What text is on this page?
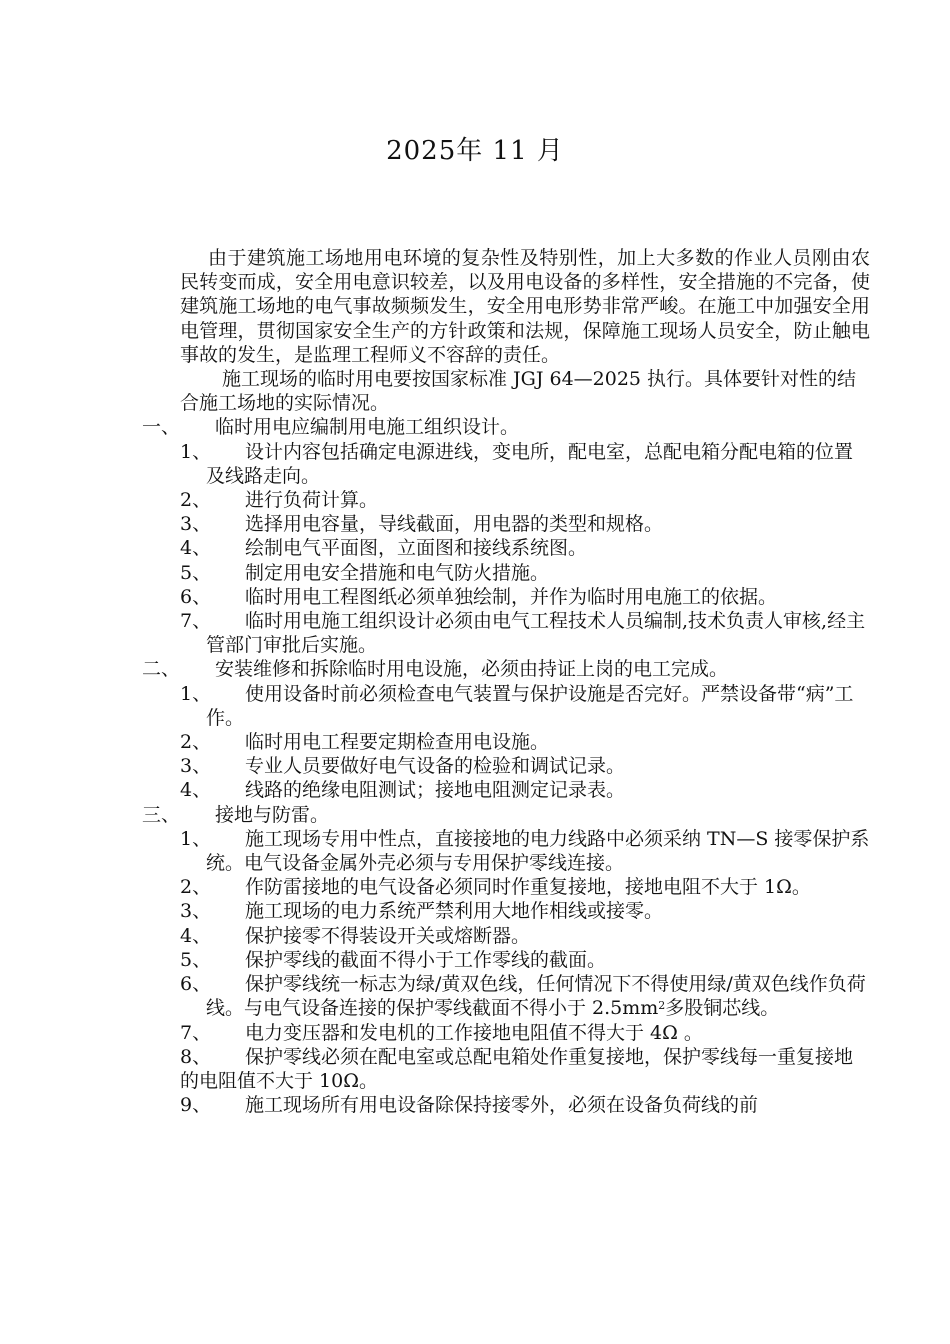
2025年 11 月

由于建筑施工场地用电环境的复杂性及特别性，加上大多数的作业人员刚由农民转变而成，安全用电意识较差，以及用电设备的多样性，安全措施的不完备，使建筑施工场地的电气事故频频发生，安全用电形势非常严峻。在施工中加强安全用电管理，贯彻国家安全生产的方针政策和法规，保障施工现场人员安全，防止触电事故的发生，是监理工程师义不容辞的责任。

施工现场的临时用电要按国家标准 JGJ 64—2025 执行。具体要针对性的结合施工场地的实际情况。

一、	临时用电应编制用电施工组织设计。

1、	设计内容包括确定电源进线，变电所，配电室，总配电箱分配电箱的位置及线路走向。
2、	进行负荷计算。
3、	选择用电容量，导线截面，用电器的类型和规格。
4、	绘制电气平面图，立面图和接线系统图。
5、	制定用电安全措施和电气防火措施。
6、	临时用电工程图纸必须单独绘制，并作为临时用电施工的依据。
7、	临时用电施工组织设计必须由电气工程技术人员编制,技术负责人审核,经主管部门审批后实施。

二、	安装维修和拆除临时用电设施，必须由持证上岗的电工完成。

1、	使用设备时前必须检查电气装置与保护设施是否完好。严禁设备带“病”工作。
2、	临时用电工程要定期检查用电设施。
3、	专业人员要做好电气设备的检验和调试记录。
4、	线路的绝缘电阻测试；接地电阻测定记录表。

三、	接地与防雷。

1、	施工现场专用中性点，直接接地的电力线路中必须采纳 TN—S 接零保护系统。电气设备金属外壳必须与专用保护零线连接。
2、	作防雷接地的电气设备必须同时作重复接地，接地电阻不大于 1Ω。
3、	施工现场的电力系统严禁利用大地作相线或接零。
4、	保护接零不得装设开关或熔断器。
5、	保护零线的截面不得小于工作零线的截面。
6、	保护零线统一标志为绿/黄双色线，任何情况下不得使用绿/黄双色线作负荷线。与电气设备连接的保护零线截面不得小于 $2.5mm^2$多股铜芯线。
7、	电力变压器和发电机的工作接地电阻值不得大于 4Ω 。
8、	保护零线必须在配电室或总配电箱处作重复接地，保护零线每一重复接地的电阻值不大于 10Ω。
9、	施工现场所有用电设备除保持接零外，必须在设备负荷线的前
